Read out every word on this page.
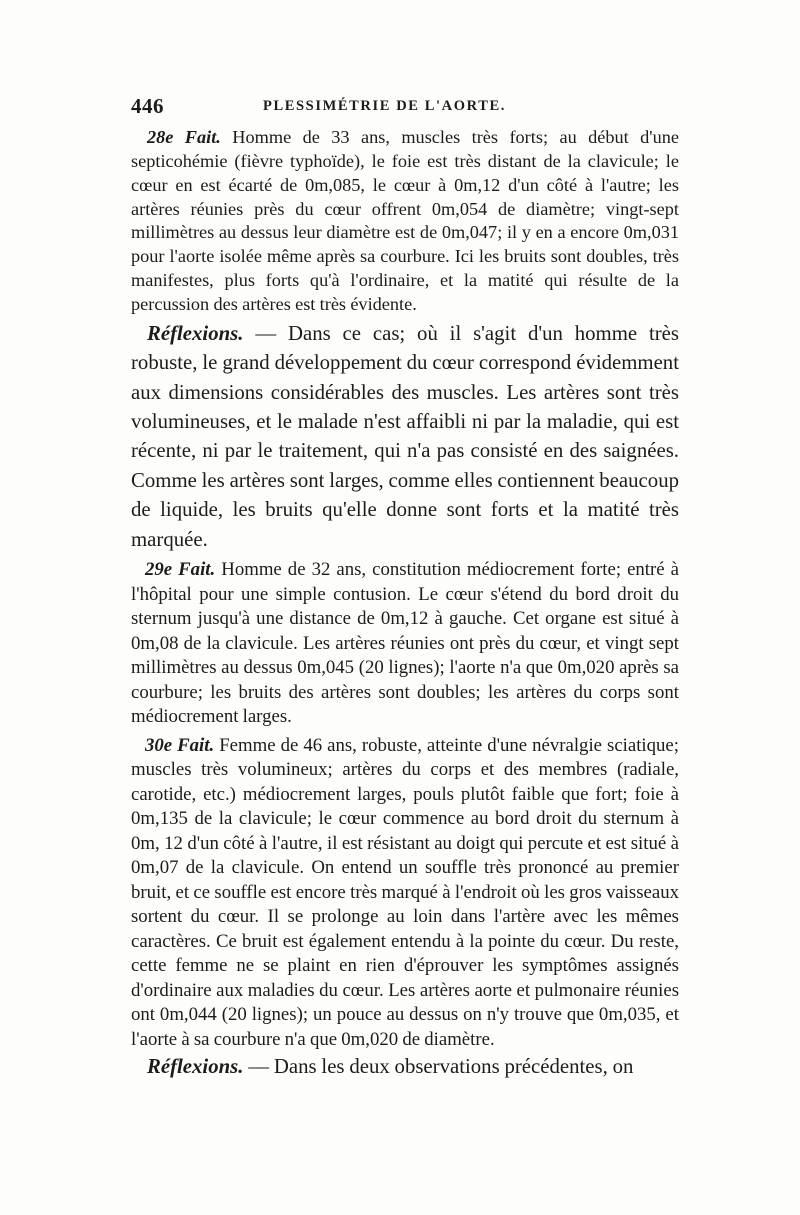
446	PLESSIMÉTRIE DE L'AORTE.

28e Fait. Homme de 33 ans, muscles très forts; au début d'une septicohémie (fièvre typhoïde), le foie est très distant de la clavicule; le cœur en est écarté de 0m,085, le cœur à 0m,12 d'un côté à l'autre; les artères réunies près du cœur offrent 0m,054 de diamètre; vingt-sept millimètres au dessus leur diamètre est de 0m,047; il y en a encore 0m,031 pour l'aorte isolée même après sa courbure. Ici les bruits sont doubles, très manifestes, plus forts qu'à l'ordinaire, et la matité qui résulte de la percussion des artères est très évidente.

Réflexions. — Dans ce cas; où il s'agit d'un homme très robuste, le grand développement du cœur correspond évidemment aux dimensions considérables des muscles. Les artères sont très volumineuses, et le malade n'est affaibli ni par la maladie, qui est récente, ni par le traitement, qui n'a pas consisté en des saignées. Comme les artères sont larges, comme elles contiennent beaucoup de liquide, les bruits qu'elle donne sont forts et la matité très marquée.

29e Fait. Homme de 32 ans, constitution médiocrement forte; entré à l'hôpital pour une simple contusion. Le cœur s'étend du bord droit du sternum jusqu'à une distance de 0m,12 à gauche. Cet organe est situé à 0m,08 de la clavicule. Les artères réunies ont près du cœur, et vingt sept millimètres au dessus 0m,045 (20 lignes); l'aorte n'a que 0m,020 après sa courbure; les bruits des artères sont doubles; les artères du corps sont médiocrement larges.

30e Fait. Femme de 46 ans, robuste, atteinte d'une névralgie sciatique; muscles très volumineux; artères du corps et des membres (radiale, carotide, etc.) médiocrement larges, pouls plutôt faible que fort; foie à 0m,135 de la clavicule; le cœur commence au bord droit du sternum à 0m, 12 d'un côté à l'autre, il est résistant au doigt qui percute et est situé à 0m,07 de la clavicule. On entend un souffle très prononcé au premier bruit, et ce souffle est encore très marqué à l'endroit où les gros vaisseaux sortent du cœur. Il se prolonge au loin dans l'artère avec les mêmes caractères. Ce bruit est également entendu à la pointe du cœur. Du reste, cette femme ne se plaint en rien d'éprouver les symptômes assignés d'ordinaire aux maladies du cœur. Les artères aorte et pulmonaire réunies ont 0m,044 (20 lignes); un pouce au dessus on n'y trouve que 0m,035, et l'aorte à sa courbure n'a que 0m,020 de diamètre.

Réflexions. — Dans les deux observations précédentes, on
